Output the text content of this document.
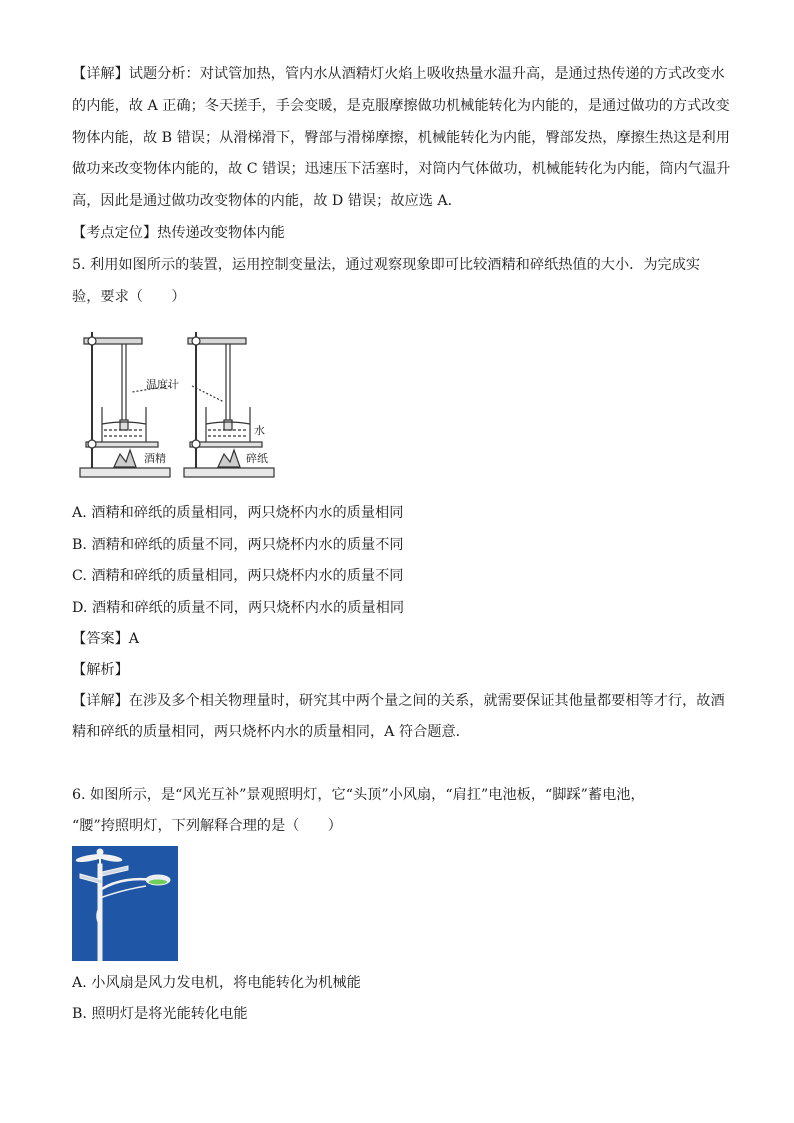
【详解】试题分析：对试管加热，管内水从酒精灯火焰上吸收热量水温升高，是通过热传递的方式改变水
的内能，故 A 正确；冬天搓手，手会变暖，是克服摩擦做功机械能转化为内能的，是通过做功的方式改变
物体内能，故 B 错误；从滑梯滑下，臀部与滑梯摩擦，机械能转化为内能，臀部发热，摩擦生热这是利用
做功来改变物体内能的，故 C 错误；迅速压下活塞时，对筒内气体做功，机械能转化为内能，筒内气温升
高，因此是通过做功改变物体的内能，故 D 错误；故应选 A．
【考点定位】热传递改变物体内能
5. 利用如图所示的装置，运用控制变量法，通过观察现象即可比较酒精和碎纸热值的大小．为完成实
验，要求（　　）
温度计
水
酒精	碎纸
A. 酒精和碎纸的质量相同，两只烧杯内水的质量相同
B. 酒精和碎纸的质量不同，两只烧杯内水的质量不同
C. 酒精和碎纸的质量相同，两只烧杯内水的质量不同
D. 酒精和碎纸的质量不同，两只烧杯内水的质量相同
【答案】A
【解析】
【详解】在涉及多个相关物理量时，研究其中两个量之间的关系，就需要保证其他量都要相等才行，故酒
精和碎纸的质量相同，两只烧杯内水的质量相同，A 符合题意．
6. 如图所示，是“风光互补”景观照明灯，它“头顶”小风扇，“肩扛”电池板，“脚踩”蓄电池，
“腰”挎照明灯，下列解释合理的是（　　）
A. 小风扇是风力发电机，将电能转化为机械能
B. 照明灯是将光能转化电能
